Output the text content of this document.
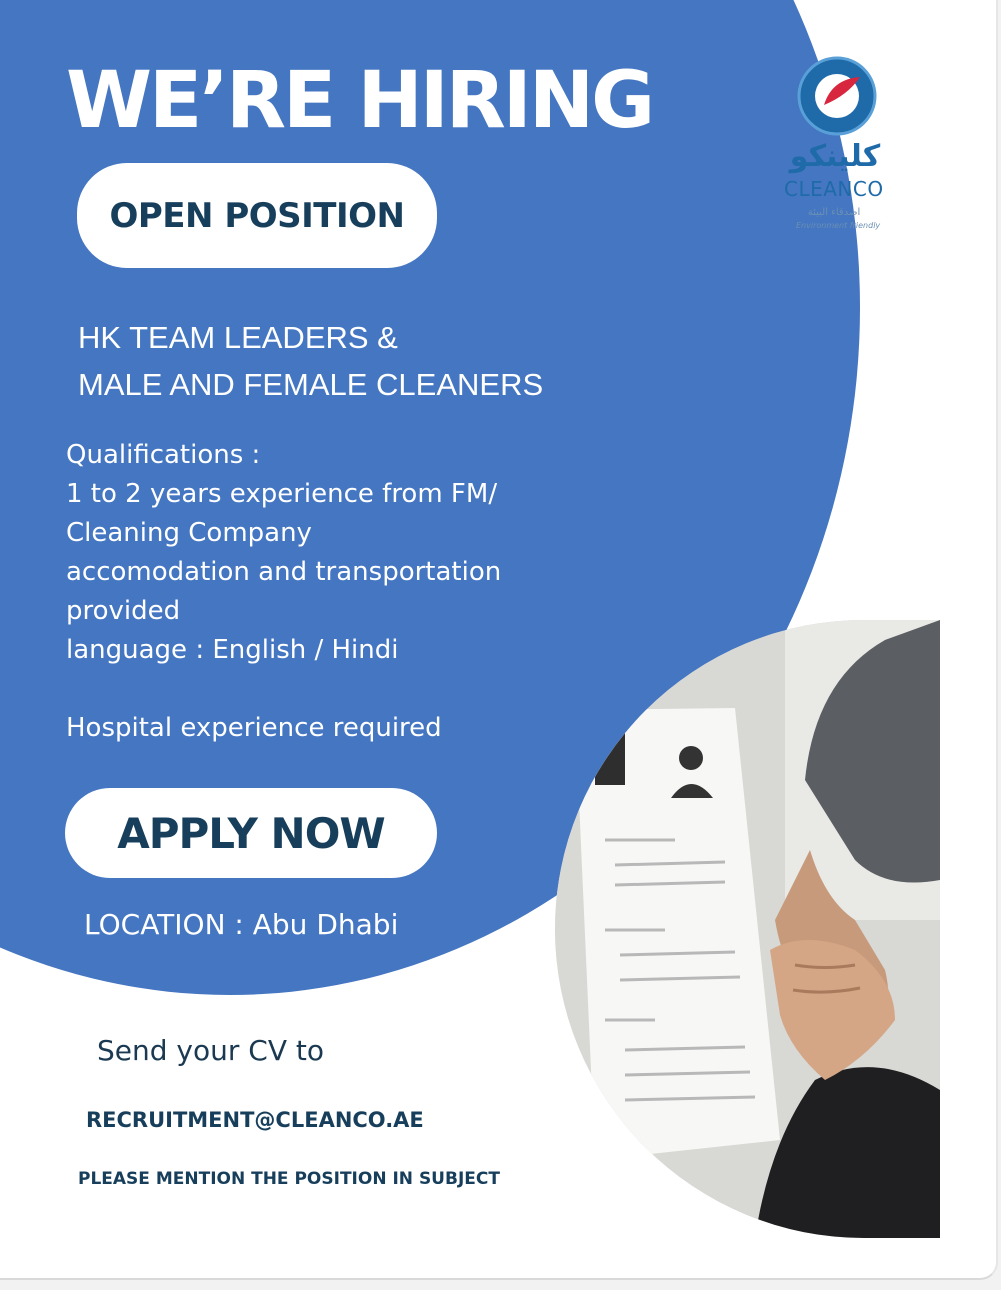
WE’RE HIRING
OPEN POSITION
HK TEAM LEADERS &
MALE AND FEMALE CLEANERS
Qualifications :
1 to 2 years experience from FM/
Cleaning Company
accomodation and transportation
provided
language : English / Hindi
Hospital experience required
APPLY NOW
LOCATION : Abu Dhabi
Send your CV to
RECRUITMENT@CLEANCO.AE
PLEASE MENTION THE POSITION IN SUBJECT
كلينكو
CLEANCO
اصدقاء البيئة
Environment friendly
